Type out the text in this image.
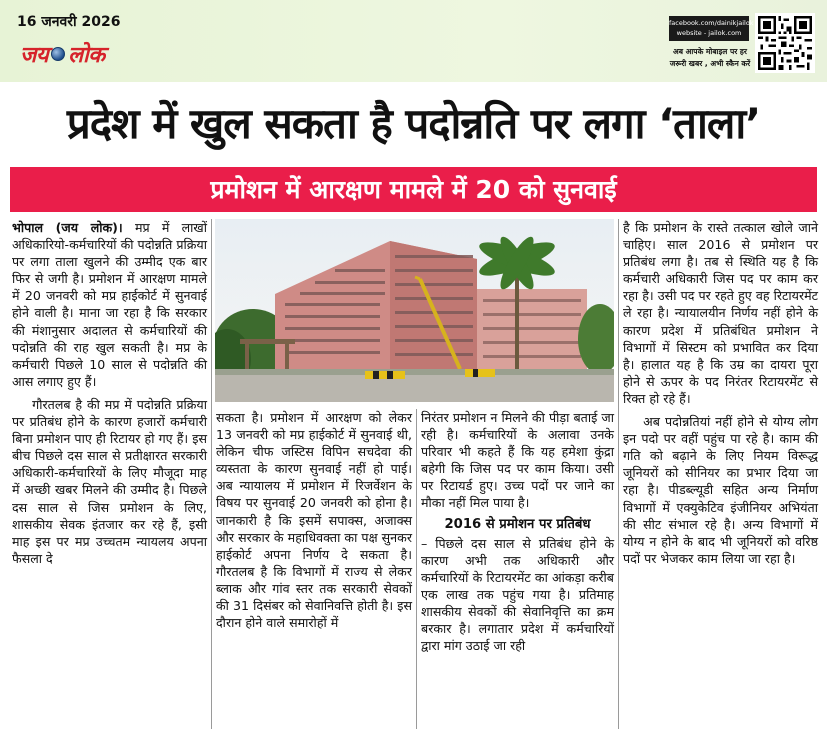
16 जनवरी 2026
जय लोक
facebook.com/dainikjailok
website - jailok.com
अब आपके मोबाइल पर हर जरूरी खबर , अभी स्कैन करें
प्रदेश में खुल सकता है पदोन्नति पर लगा ‘ताला’
प्रमोशन में आरक्षण मामले में 20 को सुनवाई

भोपाल (जय लोक)। मप्र में लाखों अधिकारियो-कर्मचारियों की पदोन्नति प्रक्रिया पर लगा ताला खुलने की उम्मीद एक बार फिर से जगी है। प्रमोशन में आरक्षण मामले में 20 जनवरी को मप्र हाईकोर्ट में सुनवाई होने वाली है। माना जा रहा है कि सरकार की मंशानुसार अदालत से कर्मचारियों की पदोन्नति की राह खुल सकती है। मप्र के कर्मचारी पिछले 10 साल से पदोन्नति की आस लगाए हुए हैं।

गौरतलब है की मप्र में पदोन्नति प्रक्रिया पर प्रतिबंध होने के कारण हजारों कर्मचारी बिना प्रमोशन पाए ही रिटायर हो गए हैं। इस बीच पिछले दस साल से प्रतीक्षारत सरकारी अधिकारी-कर्मचारियों के लिए मौजूदा माह में अच्छी खबर मिलने की उम्मीद है। पिछले दस साल से जिस प्रमोशन के लिए, शासकीय सेवक इंतजार कर रहे हैं, इसी माह इस पर मप्र उच्चतम न्यायलय अपना फैसला दे

सकता है। प्रमोशन में आरक्षण को लेकर 13 जनवरी को मप्र हाईकोर्ट में सुनवाई थी, लेकिन चीफ जस्टिस विपिन सचदेवा की व्यस्तता के कारण सुनवाई नहीं हो पाई। अब न्यायालय में प्रमोशन में रिजर्वेशन के विषय पर सुनवाई 20 जनवरी को होना है। जानकारी है कि इसमें सपाक्स, अजाक्स और सरकार के महाधिवक्ता का पक्ष सुनकर हाईकोर्ट अपना निर्णय दे सकता है। गौरतलब है कि विभागों में राज्य से लेकर ब्लाक और गांव स्तर तक सरकारी सेवकों की 31 दिसंबर को सेवानिवत्ति होती है। इस दौरान होने वाले समारोहों में

निरंतर प्रमोशन न मिलने की पीड़ा बताई जा रही है। कर्मचारियों के अलावा उनके परिवार भी कहते हैं कि यह हमेशा कुंद्रा बहेगी कि जिस पद पर काम किया। उसी पर रिटायर्ड हुए। उच्च पदों पर जाने का मौका नहीं मिल पाया है।

2016 से प्रमोशन पर प्रतिबंध

– पिछले दस साल से प्रतिबंध होने के कारण अभी तक अधिकारी और कर्मचारियों के रिटायरमेंट का आंकड़ा करीब एक लाख तक पहुंच गया है। प्रतिमाह शासकीय सेवकों की सेवानिवृत्ति का क्रम बरकार है। लगातार प्रदेश में कर्मचारियों द्वारा मांग उठाई जा रही

है कि प्रमोशन के रास्ते तत्काल खोले जाने चाहिए। साल 2016 से प्रमोशन पर प्रतिबंध लगा है। तब से स्थिति यह है कि कर्मचारी अधिकारी जिस पद पर काम कर रहा है। उसी पद पर रहते हुए वह रिटायरमेंट ले रहा है। न्यायालयीन निर्णय नहीं होने के कारण प्रदेश में प्रतिबंधित प्रमोशन ने विभागों में सिस्टम को प्रभावित कर दिया है। हालात यह है कि उम्र का दायरा पूरा होने से ऊपर के पद निरंतर रिटायरमेंट से रिक्त हो रहे हैं।

अब पदोन्नतियां नहीं होने से योग्य लोग इन पदो पर वहीं पहुंच पा रहे है। काम की गति को बढ़ाने के लिए नियम विरूद्ध जूनियरों को सीनियर का प्रभार दिया जा रहा है। पीडब्ल्यूडी सहित अन्य निर्माण विभागों में एक्युकेटिव इंजीनियर अभियंता की सीट संभाल रहे है। अन्य विभागों में योग्य न होने के बाद भी जूनियरों को वरिष्ठ पदों पर भेजकर काम लिया जा रहा है।
